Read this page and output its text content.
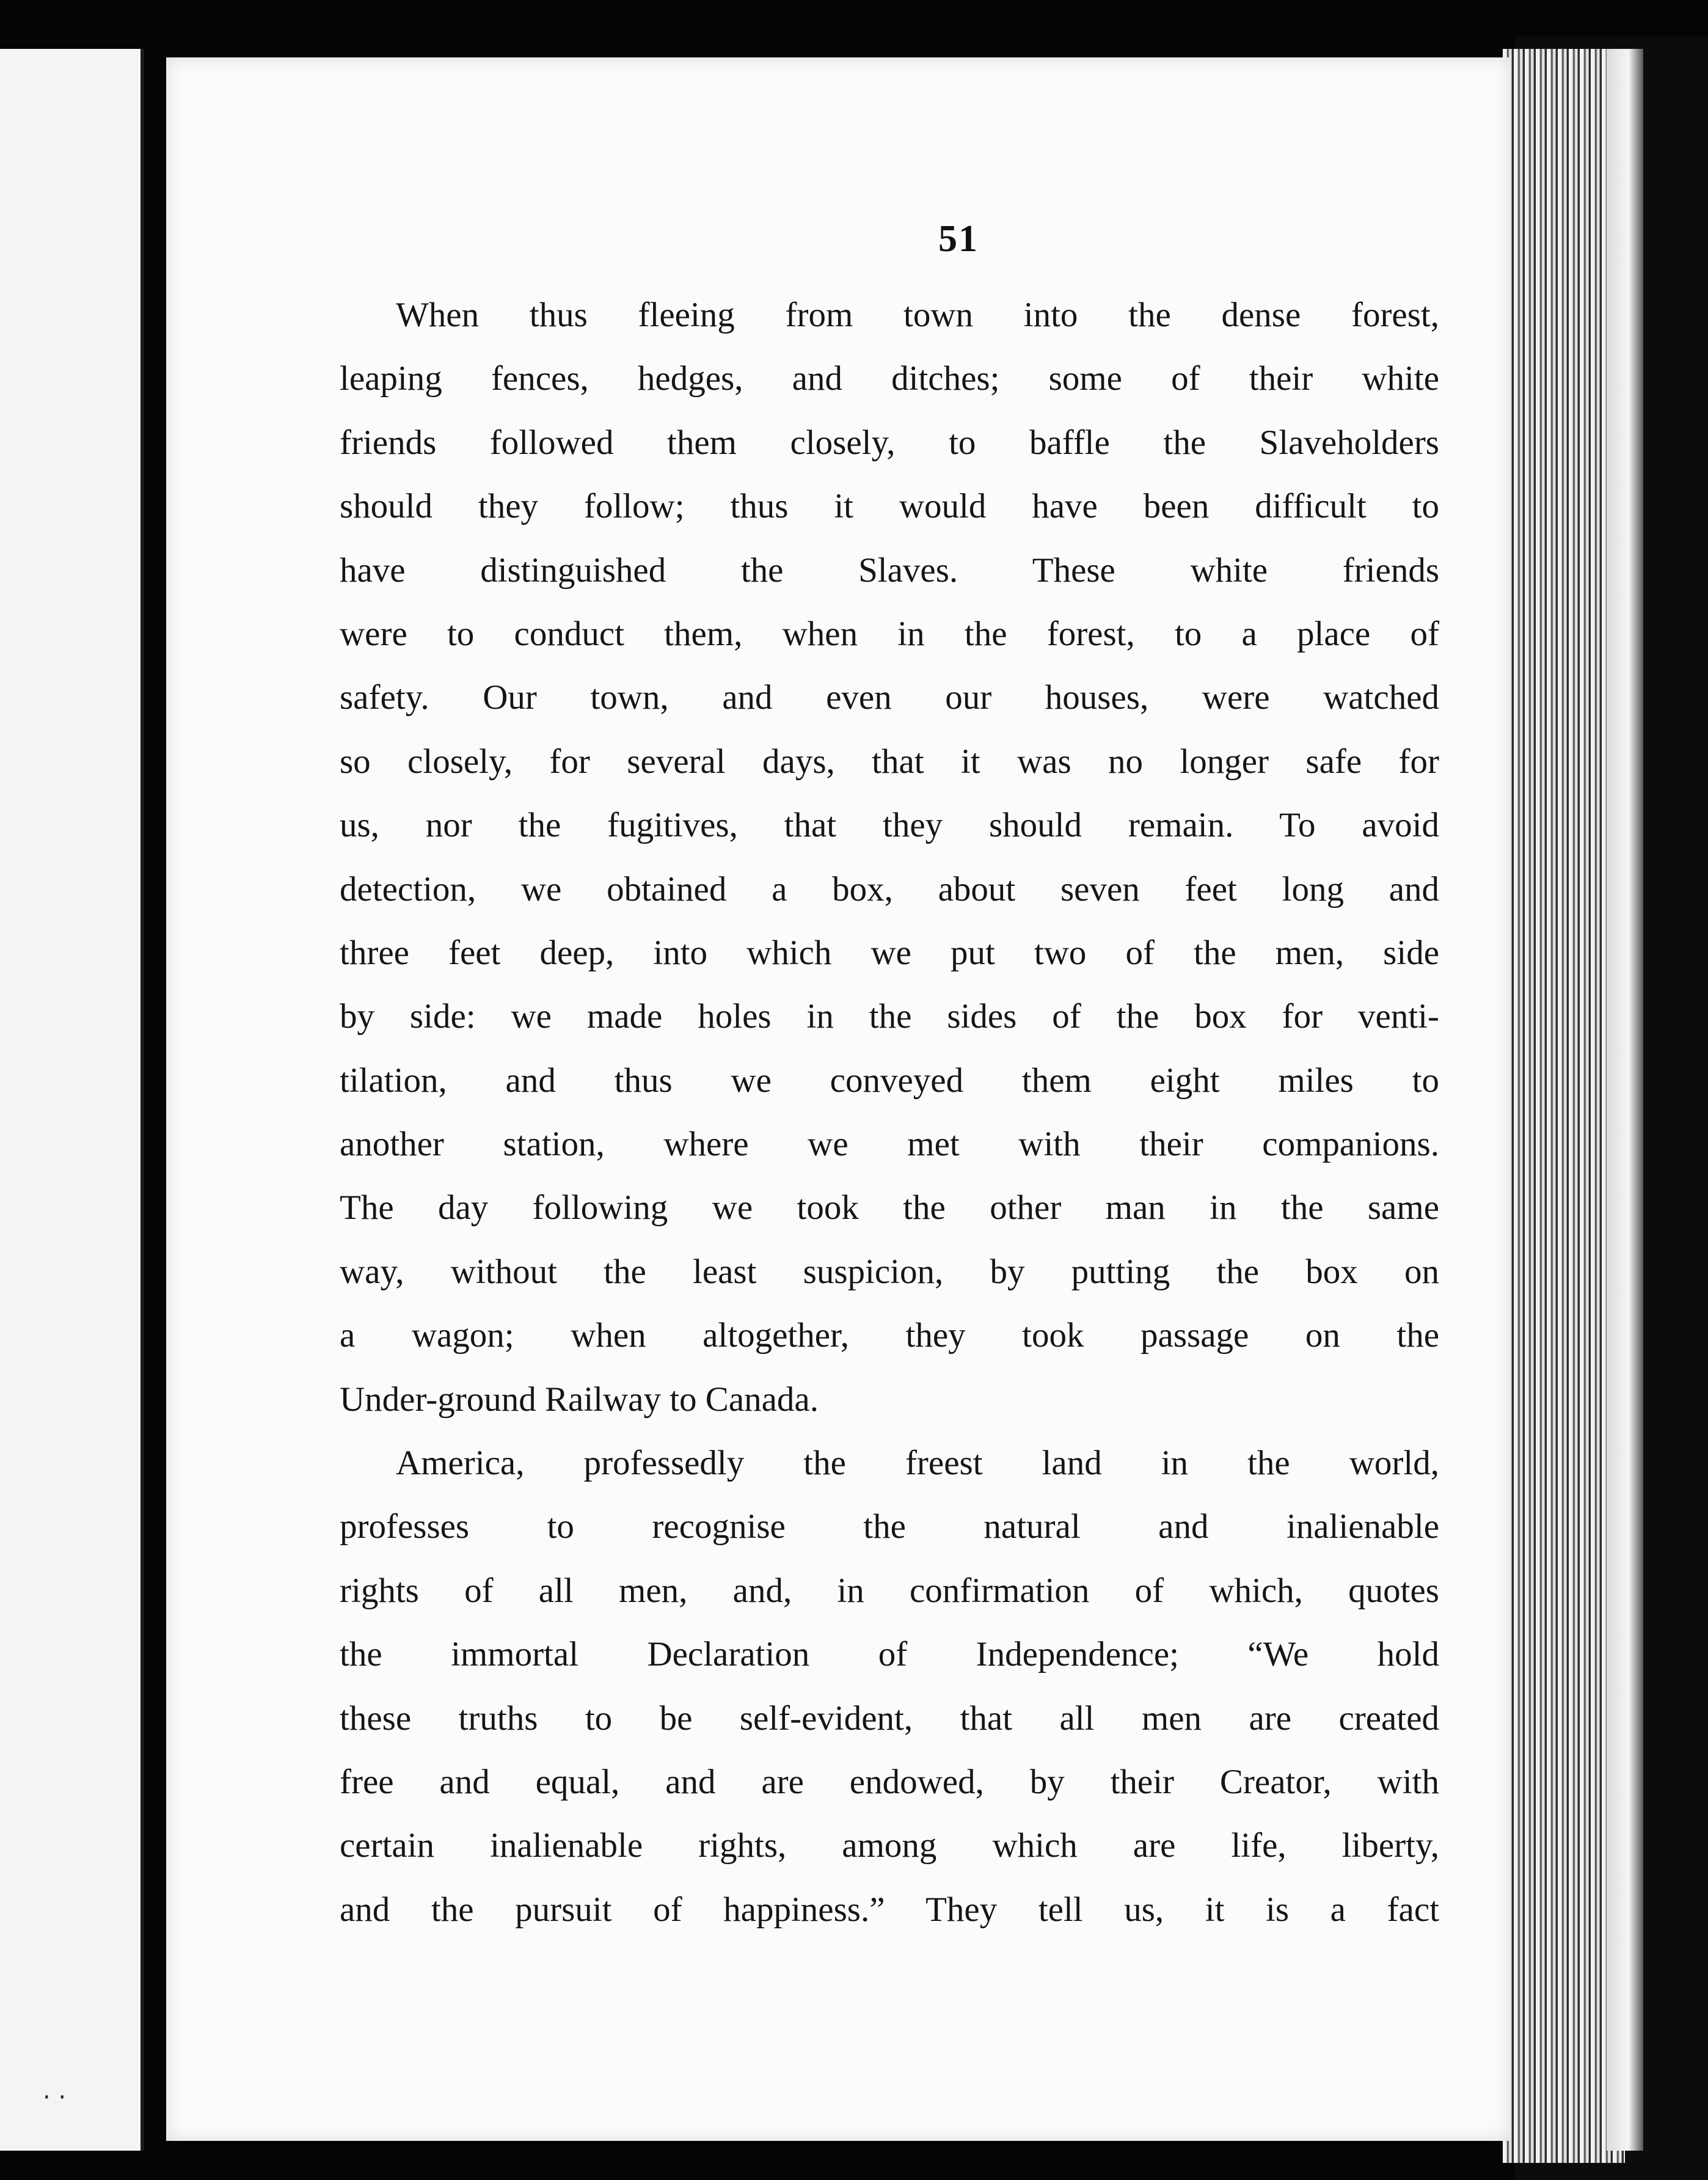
· ·
51
When thus fleeing from town into the dense forest,
leaping fences, hedges, and ditches; some of their white
friends followed them closely, to baffle the Slaveholders
should they follow; thus it would have been difficult to
have distinguished the Slaves. These white friends
were to conduct them, when in the forest, to a place of
safety. Our town, and even our houses, were watched
so closely, for several days, that it was no longer safe for
us, nor the fugitives, that they should remain. To avoid
detection, we obtained a box, about seven feet long and
three feet deep, into which we put two of the men, side
by side: we made holes in the sides of the box for venti-
tilation, and thus we conveyed them eight miles to
another station, where we met with their companions.
The day following we took the other man in the same
way, without the least suspicion, by putting the box on
a wagon; when altogether, they took passage on the
Under-ground Railway to Canada.
America, professedly the freest land in the world,
professes to recognise the natural and inalienable
rights of all men, and, in confirmation of which, quotes
the immortal Declaration of Independence; “We hold
these truths to be self-evident, that all men are created
free and equal, and are endowed, by their Creator, with
certain inalienable rights, among which are life, liberty,
and the pursuit of happiness.” They tell us, it is a fact
